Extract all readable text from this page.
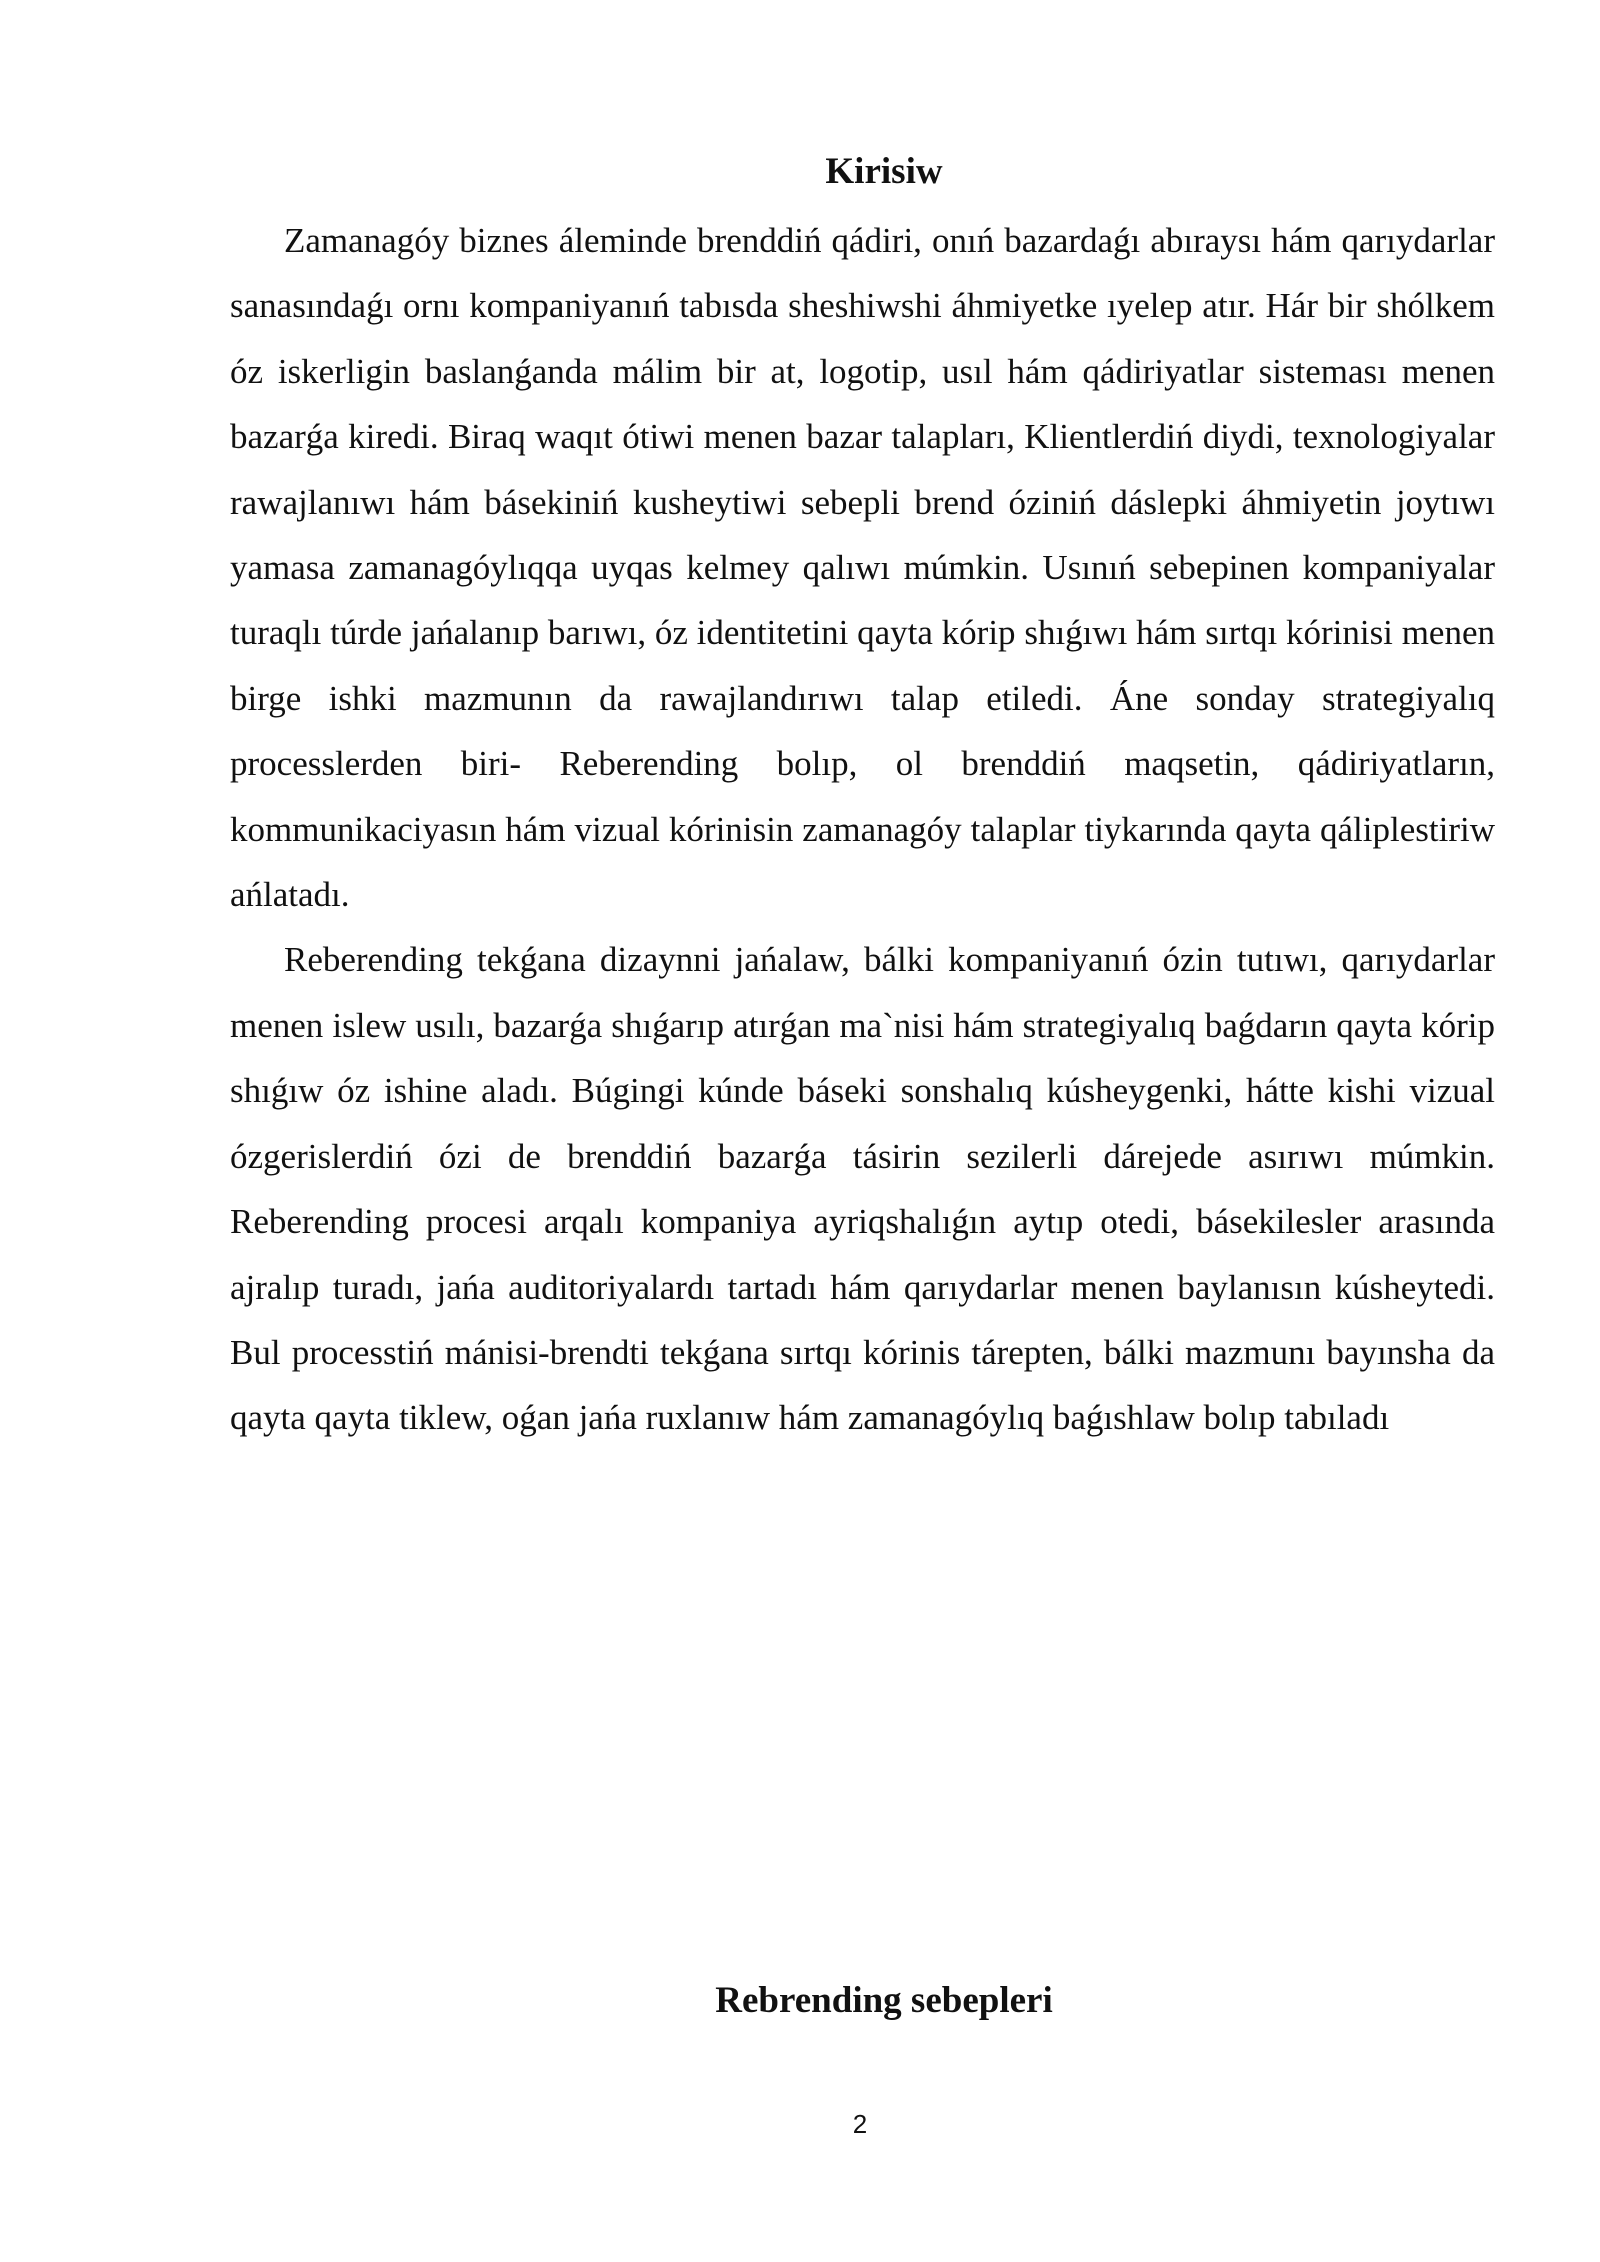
Kirisiw

Zamanagóy biznes áleminde brenddiń qádiri, onıń bazardaǵı abıraysı hám qarıydarlar sanasındaǵı ornı kompaniyanıń tabısda sheshiwshi áhmiyetke ıyelep atır. Hár bir shólkem óz iskerligin baslanǵanda málim bir at, logotip, usıl hám qádiriyatlar sisteması menen bazarǵa kiredi. Biraq waqıt ótiwi menen bazar talapları, Klientlerdiń diydi, texnologiyalar rawajlanıwı hám básekiniń kusheytiwi sebepli brend óziniń dáslepki áhmiyetin joytıwı yamasa zamanagóylıqqa uyqas kelmey qalıwı múmkin. Usınıń sebepinen kompaniyalar turaqlı túrde jańalanıp barıwı, óz identitetini qayta kórip shıǵıwı hám sırtqı kórinisi menen birge ishki mazmunın da rawajlandırıwı talap etiledi. Áne sonday strategiyalıq processlerden biri- Reberending bolıp, ol brenddiń maqsetin, qádiriyatların, kommunikaciyasın hám vizual kórinisin zamanagóy talaplar tiykarında qayta qáliplestiriw ańlatadı.

Reberending tekǵana dizaynni jańalaw, bálki kompaniyanıń ózin tutıwı, qarıydarlar menen islew usılı, bazarǵa shıǵarıp atırǵan ma`nisi hám strategiyalıq baǵdarın qayta kórip shıǵıw óz ishine aladı. Búgingi kúnde báseki sonshalıq kúsheygenki, hátte kishi vizual ózgerislerdiń ózi de brenddiń bazarǵa tásirin sezilerli dárejede asırıwı múmkin. Reberending procesi arqalı kompaniya ayriqshalıǵın aytıp otedi, básekilesler arasında ajralıp turadı, jańa auditoriyalardı tartadı hám qarıydarlar menen baylanısın kúsheytedi. Bul processtiń mánisi-brendti tekǵana sırtqı kórinis tárepten, bálki mazmunı bayınsha da qayta qayta tiklew, oǵan jańa ruxlanıw hám zamanagóylıq baǵıshlaw bolıp tabıladı

Rebrending sebepleri
2
